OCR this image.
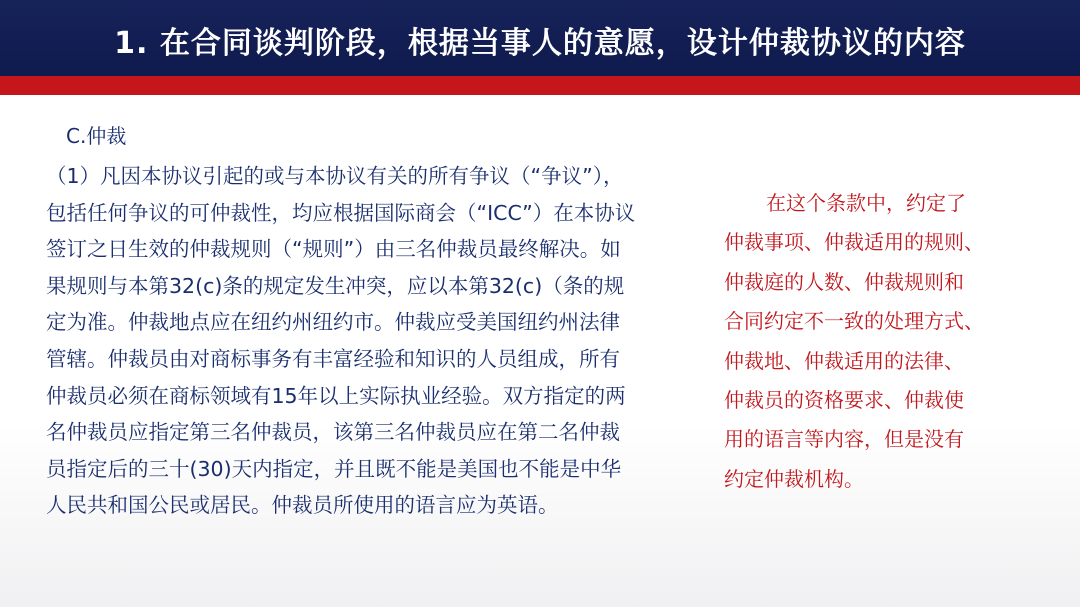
1. 在合同谈判阶段，根据当事人的意愿，设计仲裁协议的内容
C.仲裁
（1）凡因本协议引起的或与本协议有关的所有争议（“争议”），
包括任何争议的可仲裁性，均应根据国际商会（“ICC”）在本协议
签订之日生效的仲裁规则（“规则”）由三名仲裁员最终解决。如
果规则与本第32(c)条的规定发生冲突，应以本第32(c)（条的规
定为准。仲裁地点应在纽约州纽约市。仲裁应受美国纽约州法律
管辖。仲裁员由对商标事务有丰富经验和知识的人员组成，所有
仲裁员必须在商标领域有15年以上实际执业经验。双方指定的两
名仲裁员应指定第三名仲裁员，该第三名仲裁员应在第二名仲裁
员指定后的三十(30)天内指定，并且既不能是美国也不能是中华
人民共和国公民或居民。仲裁员所使用的语言应为英语。
在这个条款中，约定了
仲裁事项、仲裁适用的规则、
仲裁庭的人数、仲裁规则和
合同约定不一致的处理方式、
仲裁地、仲裁适用的法律、
仲裁员的资格要求、仲裁使
用的语言等内容，但是没有
约定仲裁机构。
